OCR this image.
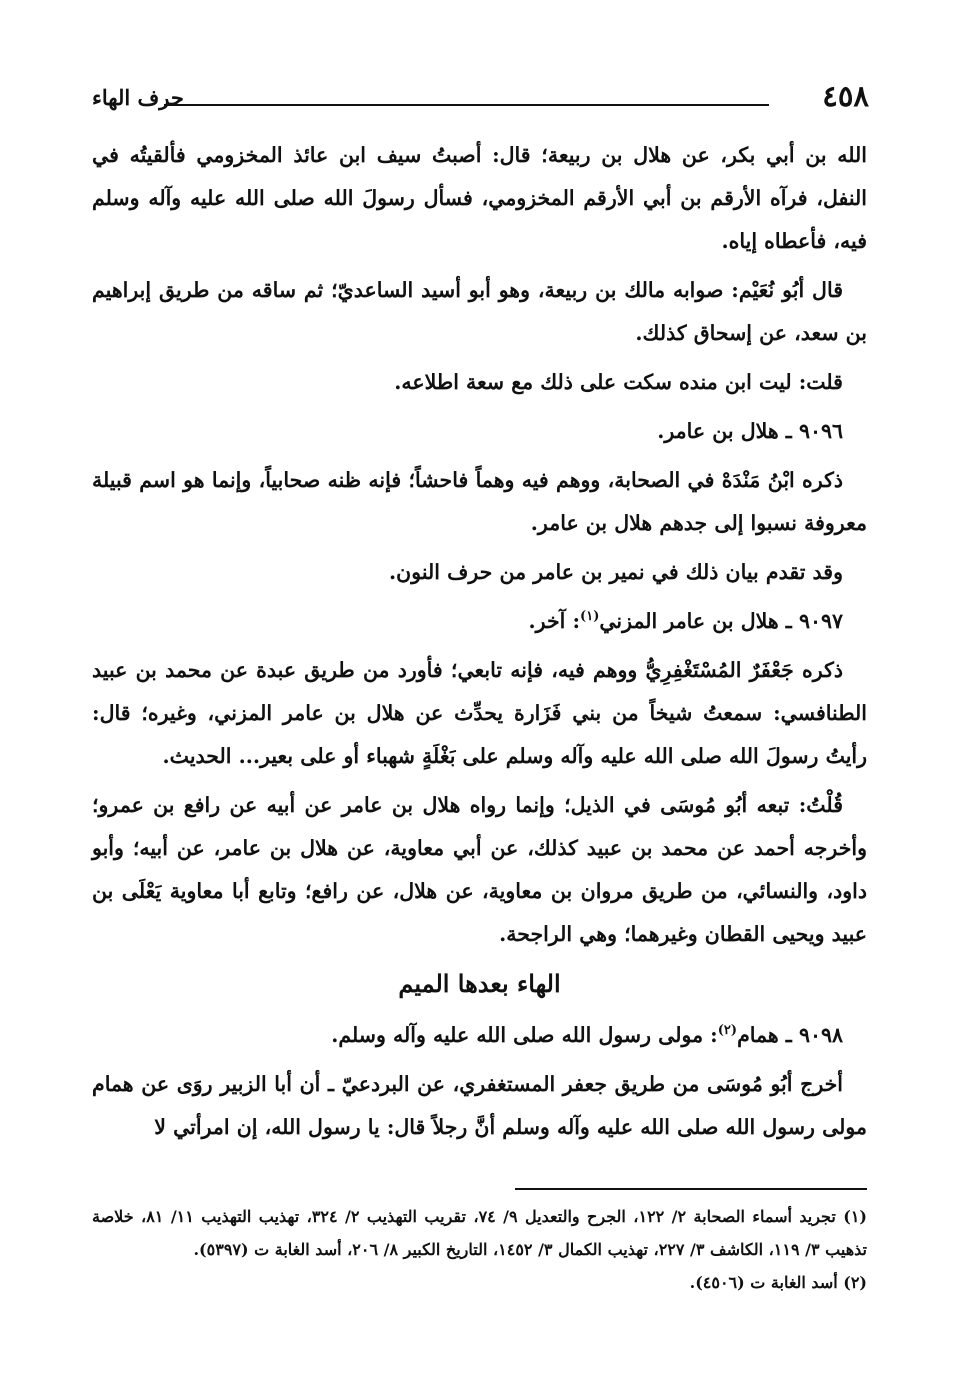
٤٥٨
حرف الهاء

الله بن أبي بكر، عن هلال بن ربيعة؛ قال: أصبتُ سيف ابن عائذ المخزومي فألقيتُه في النفل، فرآه الأرقم بن أبي الأرقم المخزومي، فسأل رسولَ الله صلى الله عليه وآله وسلم فيه، فأعطاه إياه.

قال أبُو نُعَيْم: صوابه مالك بن ربيعة، وهو أبو أسيد الساعديّ؛ ثم ساقه من طريق إبراهيم بن سعد، عن إسحاق كذلك.

قلت: ليت ابن منده سكت على ذلك مع سعة اطلاعه.

٩٠٩٦ ـ هلال بن عامر.

ذكره ابْنُ مَنْدَهْ في الصحابة، ووهم فيه وهماً فاحشاً؛ فإنه ظنه صحابياً، وإنما هو اسم قبيلة معروفة نسبوا إلى جدهم هلال بن عامر.

وقد تقدم بيان ذلك في نمير بن عامر من حرف النون.

٩٠٩٧ ـ هلال بن عامر المزني$^{(١)}$: آخر.

ذكره جَعْفَرٌ المُسْتَغْفِرِيُّ ووهم فيه، فإنه تابعي؛ فأورد من طريق عبدة عن محمد بن عبيد الطنافسي: سمعتُ شيخاً من بني فَزَارة يحدِّث عن هلال بن عامر المزني، وغيره؛ قال: رأيتُ رسولَ الله صلى الله عليه وآله وسلم على بَغْلَةٍ شهباء أو على بعير... الحديث.

قُلْتُ: تبعه أبُو مُوسَى في الذيل؛ وإنما رواه هلال بن عامر عن أبيه عن رافع بن عمرو؛ وأخرجه أحمد عن محمد بن عبيد كذلك، عن أبي معاوية، عن هلال بن عامر، عن أبيه؛ وأبو داود، والنسائي، من طريق مروان بن معاوية، عن هلال، عن رافع؛ وتابع أبا معاوية يَعْلَى بن عبيد ويحيى القطان وغيرهما؛ وهي الراجحة.

الهاء بعدها الميم

٩٠٩٨ ـ همام$^{(٢)}$: مولى رسول الله صلى الله عليه وآله وسلم.

أخرج أبُو مُوسَى من طريق جعفر المستغفري، عن البردعيّ ـ أن أبا الزبير روَى عن همام مولى رسول الله صلى الله عليه وآله وسلم أنَّ رجلاً قال: يا رسول الله، إن امرأتي لا

(١) تجريد أسماء الصحابة ٢/ ١٢٢، الجرح والتعديل ٩/ ٧٤، تقريب التهذيب ٢/ ٣٢٤، تهذيب التهذيب ١١/ ٨١، خلاصة تذهيب ٣/ ١١٩، الكاشف ٣/ ٢٢٧، تهذيب الكمال ٣/ ١٤٥٢، التاريخ الكبير ٨/ ٢٠٦، أسد الغابة ت (٥٣٩٧).

(٢) أسد الغابة ت (٤٥٠٦).
